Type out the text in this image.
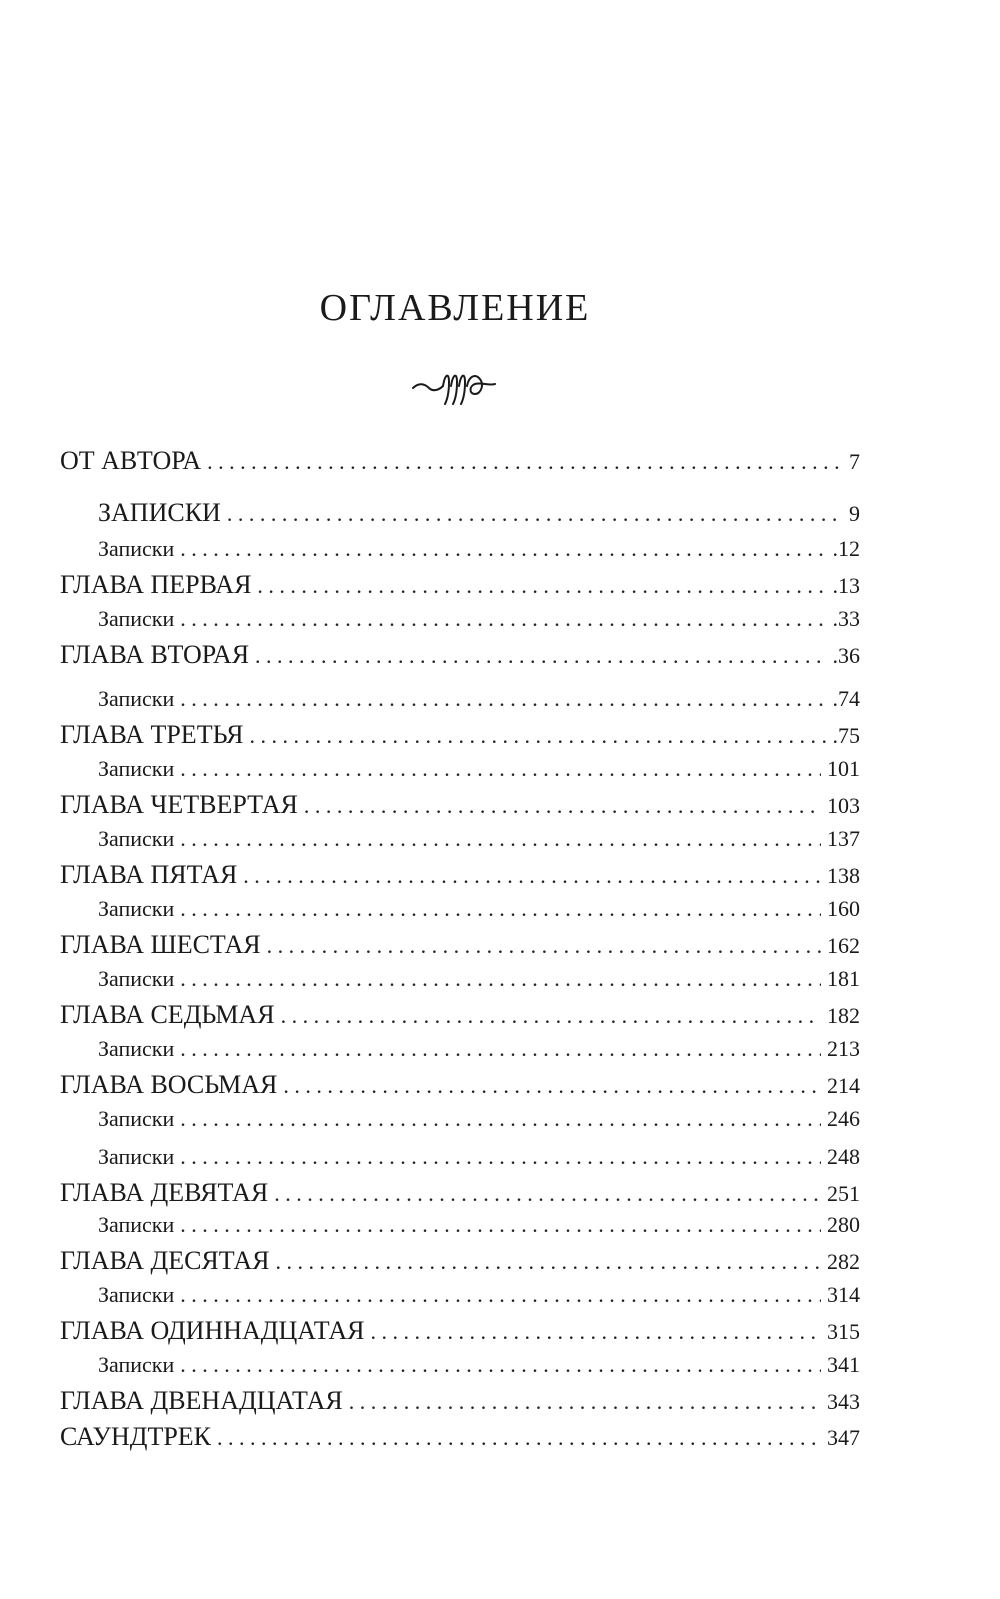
ОГЛАВЛЕНИЕ
ОТ АВТОРА . . .	7
ЗАПИСКИ . . .	9
Записки . . .	.12
ГЛАВА ПЕРВАЯ . . .	.13
Записки . . .	.33
ГЛАВА ВТОРАЯ . . .	.36
Записки . . .	.74
ГЛАВА ТРЕТЬЯ . . .	.75
Записки . . .	101
ГЛАВА ЧЕТВЕРТАЯ . . .	103
Записки . . .	137
ГЛАВА ПЯТАЯ . . .	138
Записки . . .	160
ГЛАВА ШЕСТАЯ . . .	162
Записки . . .	181
ГЛАВА СЕДЬМАЯ . . .	182
Записки . . .	213
ГЛАВА ВОСЬМАЯ . . .	214
Записки . . .	246
Записки . . .	248
ГЛАВА ДЕВЯТАЯ . . .	251
Записки . . .	280
ГЛАВА ДЕСЯТАЯ . . .	282
Записки . . .	314
ГЛАВА ОДИННАДЦАТАЯ . . .	315
Записки . . .	341
ГЛАВА ДВЕНАДЦАТАЯ . . .	343
САУНДТРЕК . . .	347
